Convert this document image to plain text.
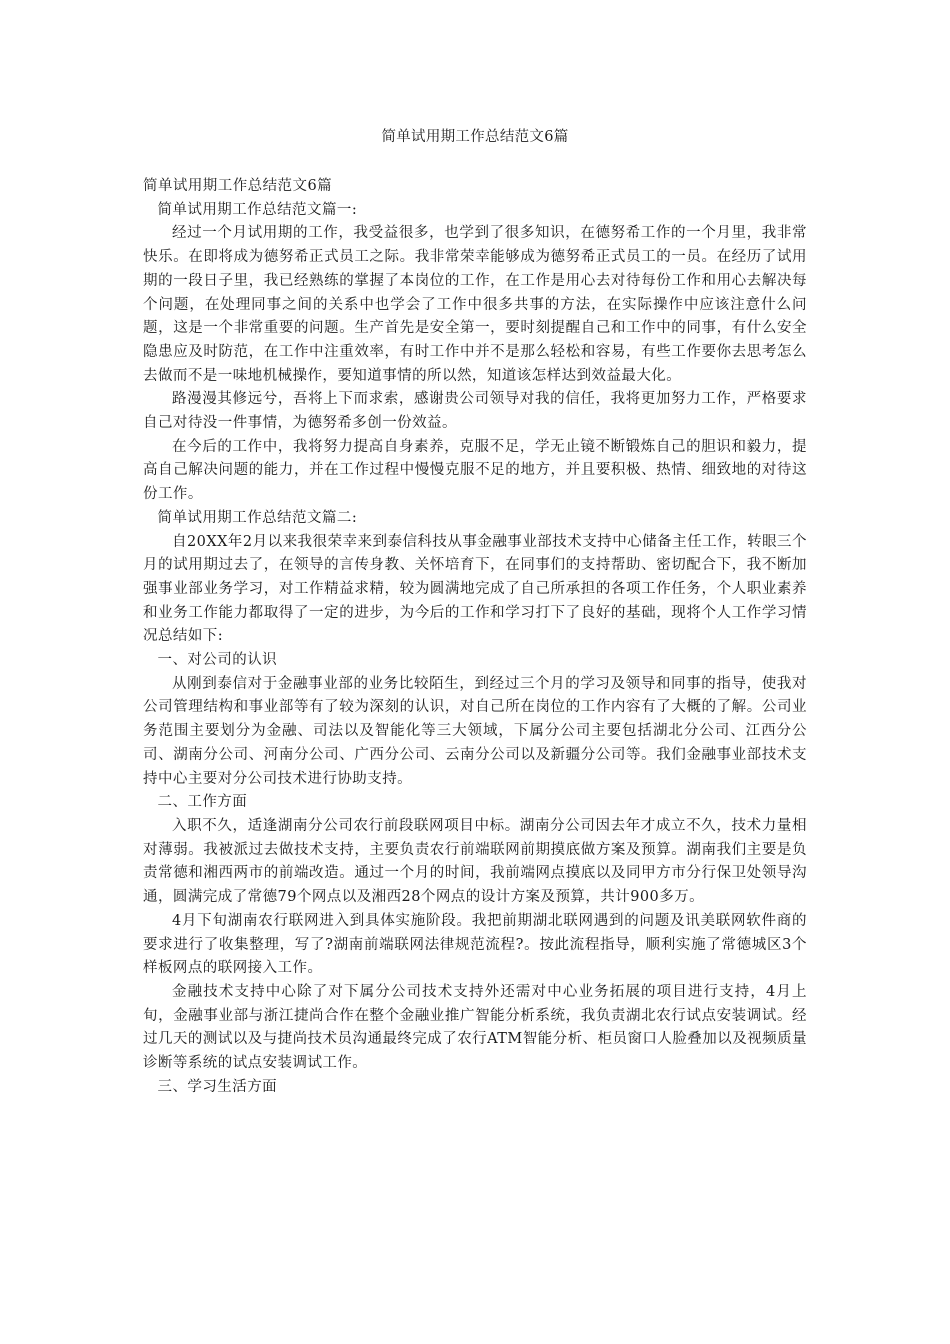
简单试用期工作总结范文6篇

简单试用期工作总结范文6篇

简单试用期工作总结范文篇一:

经过一个月试用期的工作，我受益很多，也学到了很多知识，在德努希工作的一个月里，我非常快乐。在即将成为德努希正式员工之际。我非常荣幸能够成为德努希正式员工的一员。在经历了试用期的一段日子里，我已经熟练的掌握了本岗位的工作，在工作是用心去对待每份工作和用心去解决每个问题，在处理同事之间的关系中也学会了工作中很多共事的方法，在实际操作中应该注意什么问题，这是一个非常重要的问题。生产首先是安全第一，要时刻提醒自己和工作中的同事，有什么安全隐患应及时防范，在工作中注重效率，有时工作中并不是那么轻松和容易，有些工作要你去思考怎么去做而不是一味地机械操作，要知道事情的所以然，知道该怎样达到效益最大化。

路漫漫其修远兮，吾将上下而求索，感谢贵公司领导对我的信任，我将更加努力工作，严格要求自己对待没一件事情，为德努希多创一份效益。

在今后的工作中，我将努力提高自身素养，克服不足，学无止镜不断锻炼自己的胆识和毅力，提高自己解决问题的能力，并在工作过程中慢慢克服不足的地方，并且要积极、热情、细致地的对待这份工作。

简单试用期工作总结范文篇二:

自20XX年2月以来我很荣幸来到泰信科技从事金融事业部技术支持中心储备主任工作，转眼三个月的试用期过去了，在领导的言传身教、关怀培育下，在同事们的支持帮助、密切配合下，我不断加强事业部业务学习，对工作精益求精，较为圆满地完成了自己所承担的各项工作任务，个人职业素养和业务工作能力都取得了一定的进步，为今后的工作和学习打下了良好的基础，现将个人工作学习情况总结如下:

一、对公司的认识

从刚到泰信对于金融事业部的业务比较陌生，到经过三个月的学习及领导和同事的指导，使我对公司管理结构和事业部等有了较为深刻的认识，对自己所在岗位的工作内容有了大概的了解。公司业务范围主要划分为金融、司法以及智能化等三大领域，下属分公司主要包括湖北分公司、江西分公司、湖南分公司、河南分公司、广西分公司、云南分公司以及新疆分公司等。我们金融事业部技术支持中心主要对分公司技术进行协助支持。

二、工作方面

入职不久，适逢湖南分公司农行前段联网项目中标。湖南分公司因去年才成立不久，技术力量相对薄弱。我被派过去做技术支持，主要负责农行前端联网前期摸底做方案及预算。湖南我们主要是负责常德和湘西两市的前端改造。通过一个月的时间，我前端网点摸底以及同甲方市分行保卫处领导沟通，圆满完成了常德79个网点以及湘西28个网点的设计方案及预算，共计900多万。

4月下旬湖南农行联网进入到具体实施阶段。我把前期湖北联网遇到的问题及讯美联网软件商的要求进行了收集整理，写了?湖南前端联网法律规范流程?。按此流程指导，顺利实施了常德城区3个样板网点的联网接入工作。

金融技术支持中心除了对下属分公司技术支持外还需对中心业务拓展的项目进行支持，4月上旬，金融事业部与浙江捷尚合作在整个金融业推广智能分析系统，我负责湖北农行试点安装调试。经过几天的测试以及与捷尚技术员沟通最终完成了农行ATM智能分析、柜员窗口人脸叠加以及视频质量诊断等系统的试点安装调试工作。

三、学习生活方面
